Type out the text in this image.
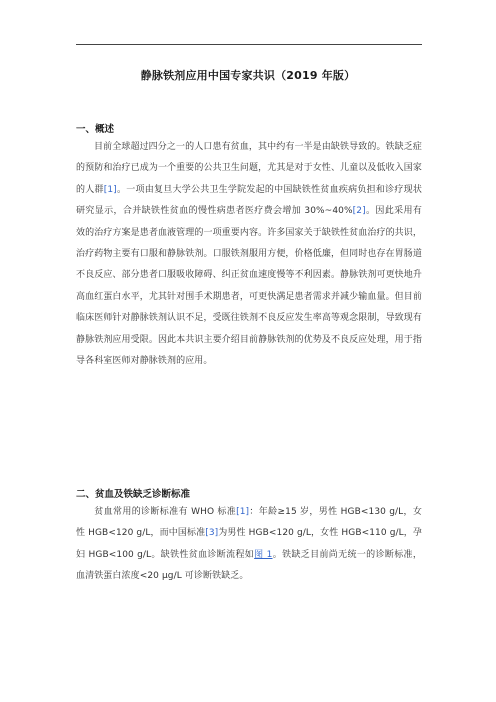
静脉铁剂应用中国专家共识（2019 年版）
一、概述
目前全球超过四分之一的人口患有贫血，其中约有一半是由缺铁导致的。铁缺乏症的预防和治疗已成为一个重要的公共卫生问题，尤其是对于女性、儿童以及低收入国家的人群[1]。一项由复旦大学公共卫生学院发起的中国缺铁性贫血疾病负担和诊疗现状研究显示，合并缺铁性贫血的慢性病患者医疗费会增加 30%~40%[2]。因此采用有效的治疗方案是患者血液管理的一项重要内容。许多国家关于缺铁性贫血治疗的共识，治疗药物主要有口服和静脉铁剂。口服铁剂服用方便，价格低廉，但同时也存在胃肠道不良反应、部分患者口服吸收障碍、纠正贫血速度慢等不利因素。静脉铁剂可更快地升高血红蛋白水平，尤其针对围手术期患者，可更快满足患者需求并减少输血量。但目前临床医师针对静脉铁剂认识不足，受既往铁剂不良反应发生率高等观念限制，导致现有静脉铁剂应用受限。因此本共识主要介绍目前静脉铁剂的优势及不良反应处理，用于指导各科室医师对静脉铁剂的应用。
二、贫血及铁缺乏诊断标准
贫血常用的诊断标准有 WHO 标准[1]：年龄≥15 岁，男性 HGB<130 g/L，女性 HGB<120 g/L，而中国标准[3]为男性 HGB<120 g/L，女性 HGB<110 g/L，孕妇 HGB<100 g/L。缺铁性贫血诊断流程如图 1。铁缺乏目前尚无统一的诊断标准，血清铁蛋白浓度<20 μg/L 可诊断铁缺乏。
